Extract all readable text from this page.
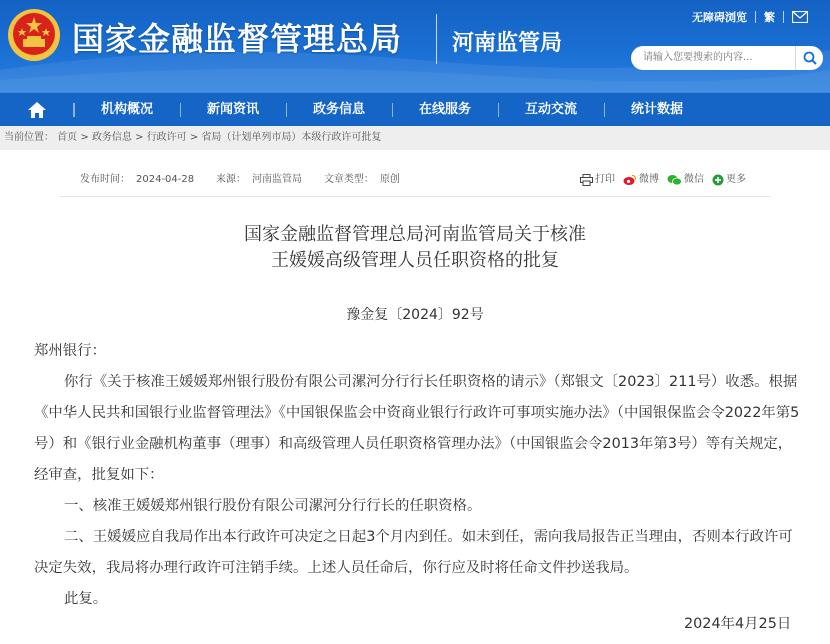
国家金融监督管理总局 河南监管局
无障碍浏览 繁
请输入您要搜索的内容...
机构概况	新闻资讯	政务信息	在线服务	互动交流	统计数据
当前位置： 首页 > 政务信息 > 行政许可 > 省局（计划单列市局）本级行政许可批复
发布时间： 2024-04-28 来源： 河南监管局 文章类型： 原创	打印 微博	微信 更多
国家金融监督管理总局河南监管局关于核准
王媛媛高级管理人员任职资格的批复
豫金复〔2024〕92号

郑州银行：

你行《关于核准王媛媛郑州银行股份有限公司漯河分行行长任职资格的请示》（郑银文〔2023〕211号）收悉。根据《中华人民共和国银行业监督管理法》《中国银保监会中资商业银行行政许可事项实施办法》（中国银保监会令2022年第5号）和《银行业金融机构董事（理事）和高级管理人员任职资格管理办法》（中国银监会令2013年第3号）等有关规定，经审查，批复如下：

一、核准王媛媛郑州银行股份有限公司漯河分行行长的任职资格。

二、王媛媛应自我局作出本行政许可决定之日起3个月内到任。如未到任，需向我局报告正当理由，否则本行政许可决定失效，我局将办理行政许可注销手续。上述人员任命后，你行应及时将任命文件抄送我局。

此复。

2024年4月25日
